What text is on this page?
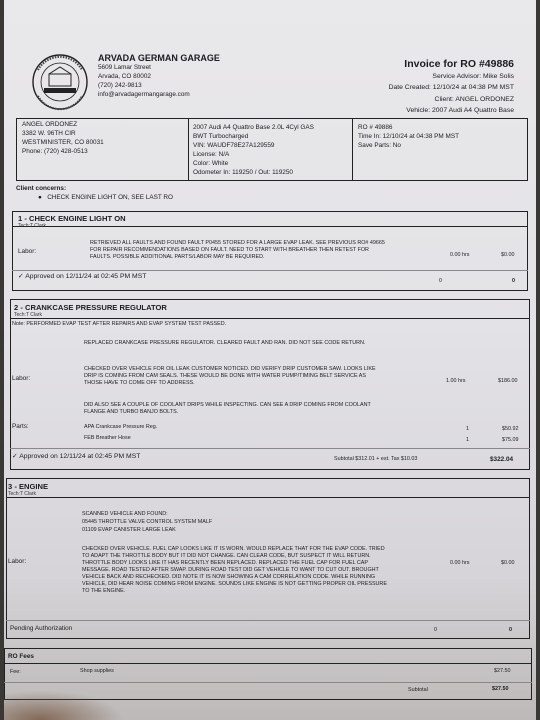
ARVADA GERMAN GARAGE
5609 Lamar Street
Arvada, CO 80002
(720) 242-9813
info@arvadagermangarage.com
Invoice for RO #49886
Service Advisor: Mike Solis
Date Created: 12/10/24 at 04:38 PM MST
Client: ANGEL ORDONEZ
Vehicle: 2007 Audi A4 Quattro Base
ANGEL ORDONEZ
3382 W. 96TH CIR
WESTMINISTER, CO 80031
Phone: (720) 428-0513
2007 Audi A4 Quattro Base 2.0L 4Cyl GAS
BWT Turbocharged
VIN: WAUDF78E27A129559
License: N/A
Color: White
Odometer In: 119250 / Out: 119250
RO # 49886
Time In: 12/10/24 at 04:38 PM MST
Save Parts: No
Client concerns:
●   CHECK ENGINE LIGHT ON, SEE LAST RO
1 - CHECK ENGINE LIGHT ON
Tech:T Clark
Labor:
RETRIEVED ALL FAULTS AND FOUND FAULT P0455 STORED FOR A LARGE EVAP LEAK. SEE PREVIOUS RO# 49665 FOR REPAIR RECOMMENDATIONS BASED ON FAULT. NEED TO START WITH BREATHER THEN RETEST FOR FAULTS. POSSIBLE ADDITIONAL PARTS/LABOR MAY BE REQUIRED.	0.00 hrs	$0.00
✓ Approved on 12/11/24 at 02:45 PM MST
0	0
2 - CRANKCASE PRESSURE REGULATOR
Tech:T Clark
Note: PERFORMED EVAP TEST AFTER REPAIRS AND EVAP SYSTEM TEST PASSED.
REPLACED CRANKCASE PRESSURE REGULATOR. CLEARED FAULT AND RAN. DID NOT SEE CODE RETURN.
Labor:
CHECKED OVER VEHICLE FOR OIL LEAK CUSTOMER NOTICED. DID VERIFY DRIP CUSTOMER SAW. LOOKS LIKE DRIP IS COMING FROM CAM SEALS. THESE WOULD BE DONE WITH WATER PUMP/TIMING BELT SERVICE AS THOSE HAVE TO COME OFF TO ADDRESS.	1.00 hrs	$186.00
DID ALSO SEE A COUPLE OF COOLANT DRIPS WHILE INSPECTING. CAN SEE A DRIP COMING FROM COOLANT FLANGE AND TURBO BANJO BOLTS.
Parts:	APA Crankcase Pressure Reg.	1	$50.92
FEB Breather Hose	1	$75.09
✓ Approved on 12/11/24 at 02:45 PM MST	Subtotal $312.01 + est. Tax $10.03	$322.04
3 - ENGINE
Tech:T Clark
SCANNED VEHICLE AND FOUND:
05445 THROTTLE VALVE CONTROL SYSTEM MALF
01109 EVAP CANISTER LARGE LEAK
Labor:
CHECKED OVER VEHICLE. FUEL CAP LOOKS LIKE IT IS WORN. WOULD REPLACE THAT FOR THE EVAP CODE. TRIED TO ADAPT THE THROTTLE BODY BUT IT DID NOT CHANGE. CAN CLEAR CODE, BUT SUSPECT IT WILL RETURN. THROTTLE BODY LOOKS LIKE IT HAS RECENTLY BEEN REPLACED. REPLACED THE FUEL CAP FOR FUEL CAP MESSAGE. ROAD TESTED AFTER SWAP. DURING ROAD TEST DID GET VEHICLE TO WANT TO CUT OUT. BROUGHT VEHICLE BACK AND RECHECKED. DID NOTE IT IS NOW SHOWING A CAM CORRELATION CODE. WHILE RUNNING VEHICLE, DID HEAR NOISE COMING FROM ENGINE. SOUNDS LIKE ENGINE IS NOT GETTING PROPER OIL PRESSURE TO THE ENGINE.
0.00 hrs	$0.00
Pending Authorization	0	0
RO Fees
Fee:	Shop supplies	$27.50
Subtotal	$27.50
